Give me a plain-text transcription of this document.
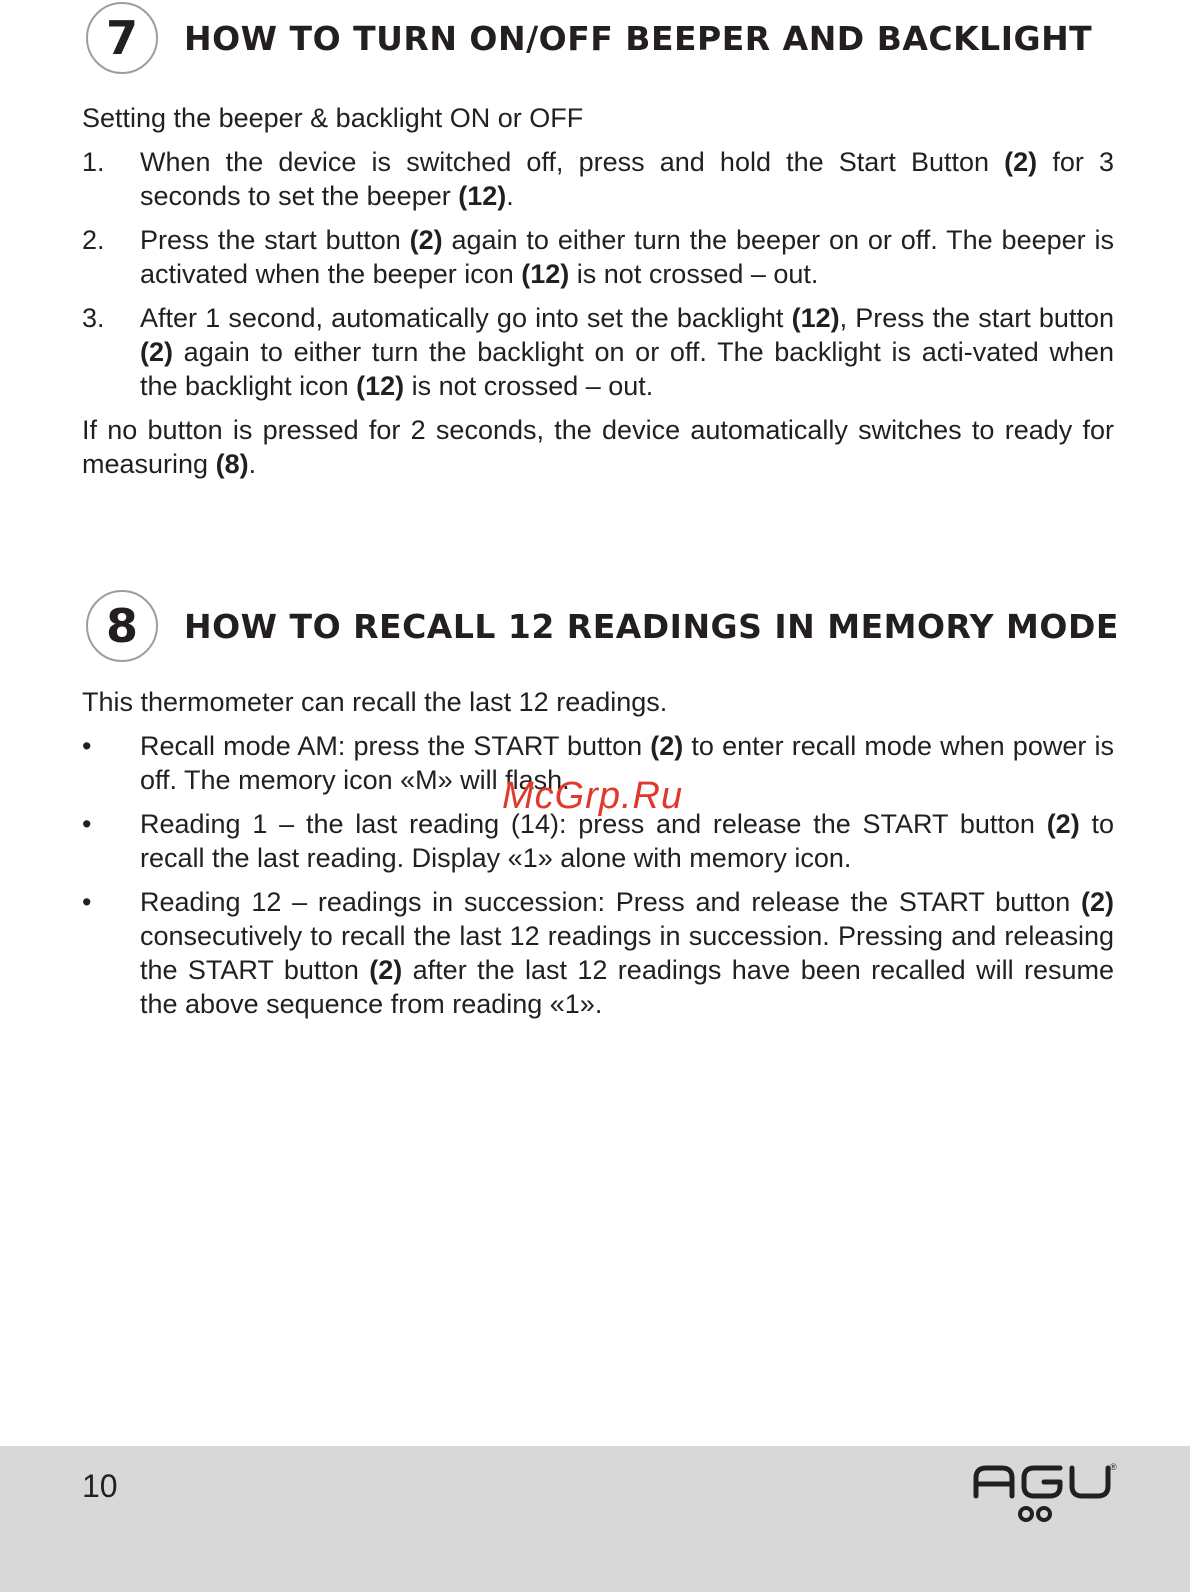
7	HOW TO TURN ON/OFF BEEPER AND BACKLIGHT

Setting the beeper & backlight ON or OFF

1. When the device is switched off, press and hold the Start Button (2) for 3 seconds to set the beeper (12).
2. Press the start button (2) again to either turn the beeper on or off. The beeper is activated when the beeper icon (12) is not crossed – out.
3. After 1 second, automatically go into set the backlight (12), Press the start button (2) again to either turn the backlight on or off. The backlight is acti-vated when the backlight icon (12) is not crossed – out.

If no button is pressed for 2 seconds, the device automatically switches to ready for measuring (8).

8	HOW TO RECALL 12 READINGS IN MEMORY MODE

This thermometer can recall the last 12 readings.

• Recall mode AM: press the START button (2) to enter recall mode when power is off. The memory icon «M» will flash.
• Reading 1 – the last reading (14): press and release the START button (2) to recall the last reading. Display «1» alone with memory icon.
• Reading 12 – readings in succession: Press and release the START button (2) consecutively to recall the last 12 readings in succession. Pressing and releasing the START button (2) after the last 12 readings have been recalled will resume the above sequence from reading «1».
McGrp.Ru
10
®
